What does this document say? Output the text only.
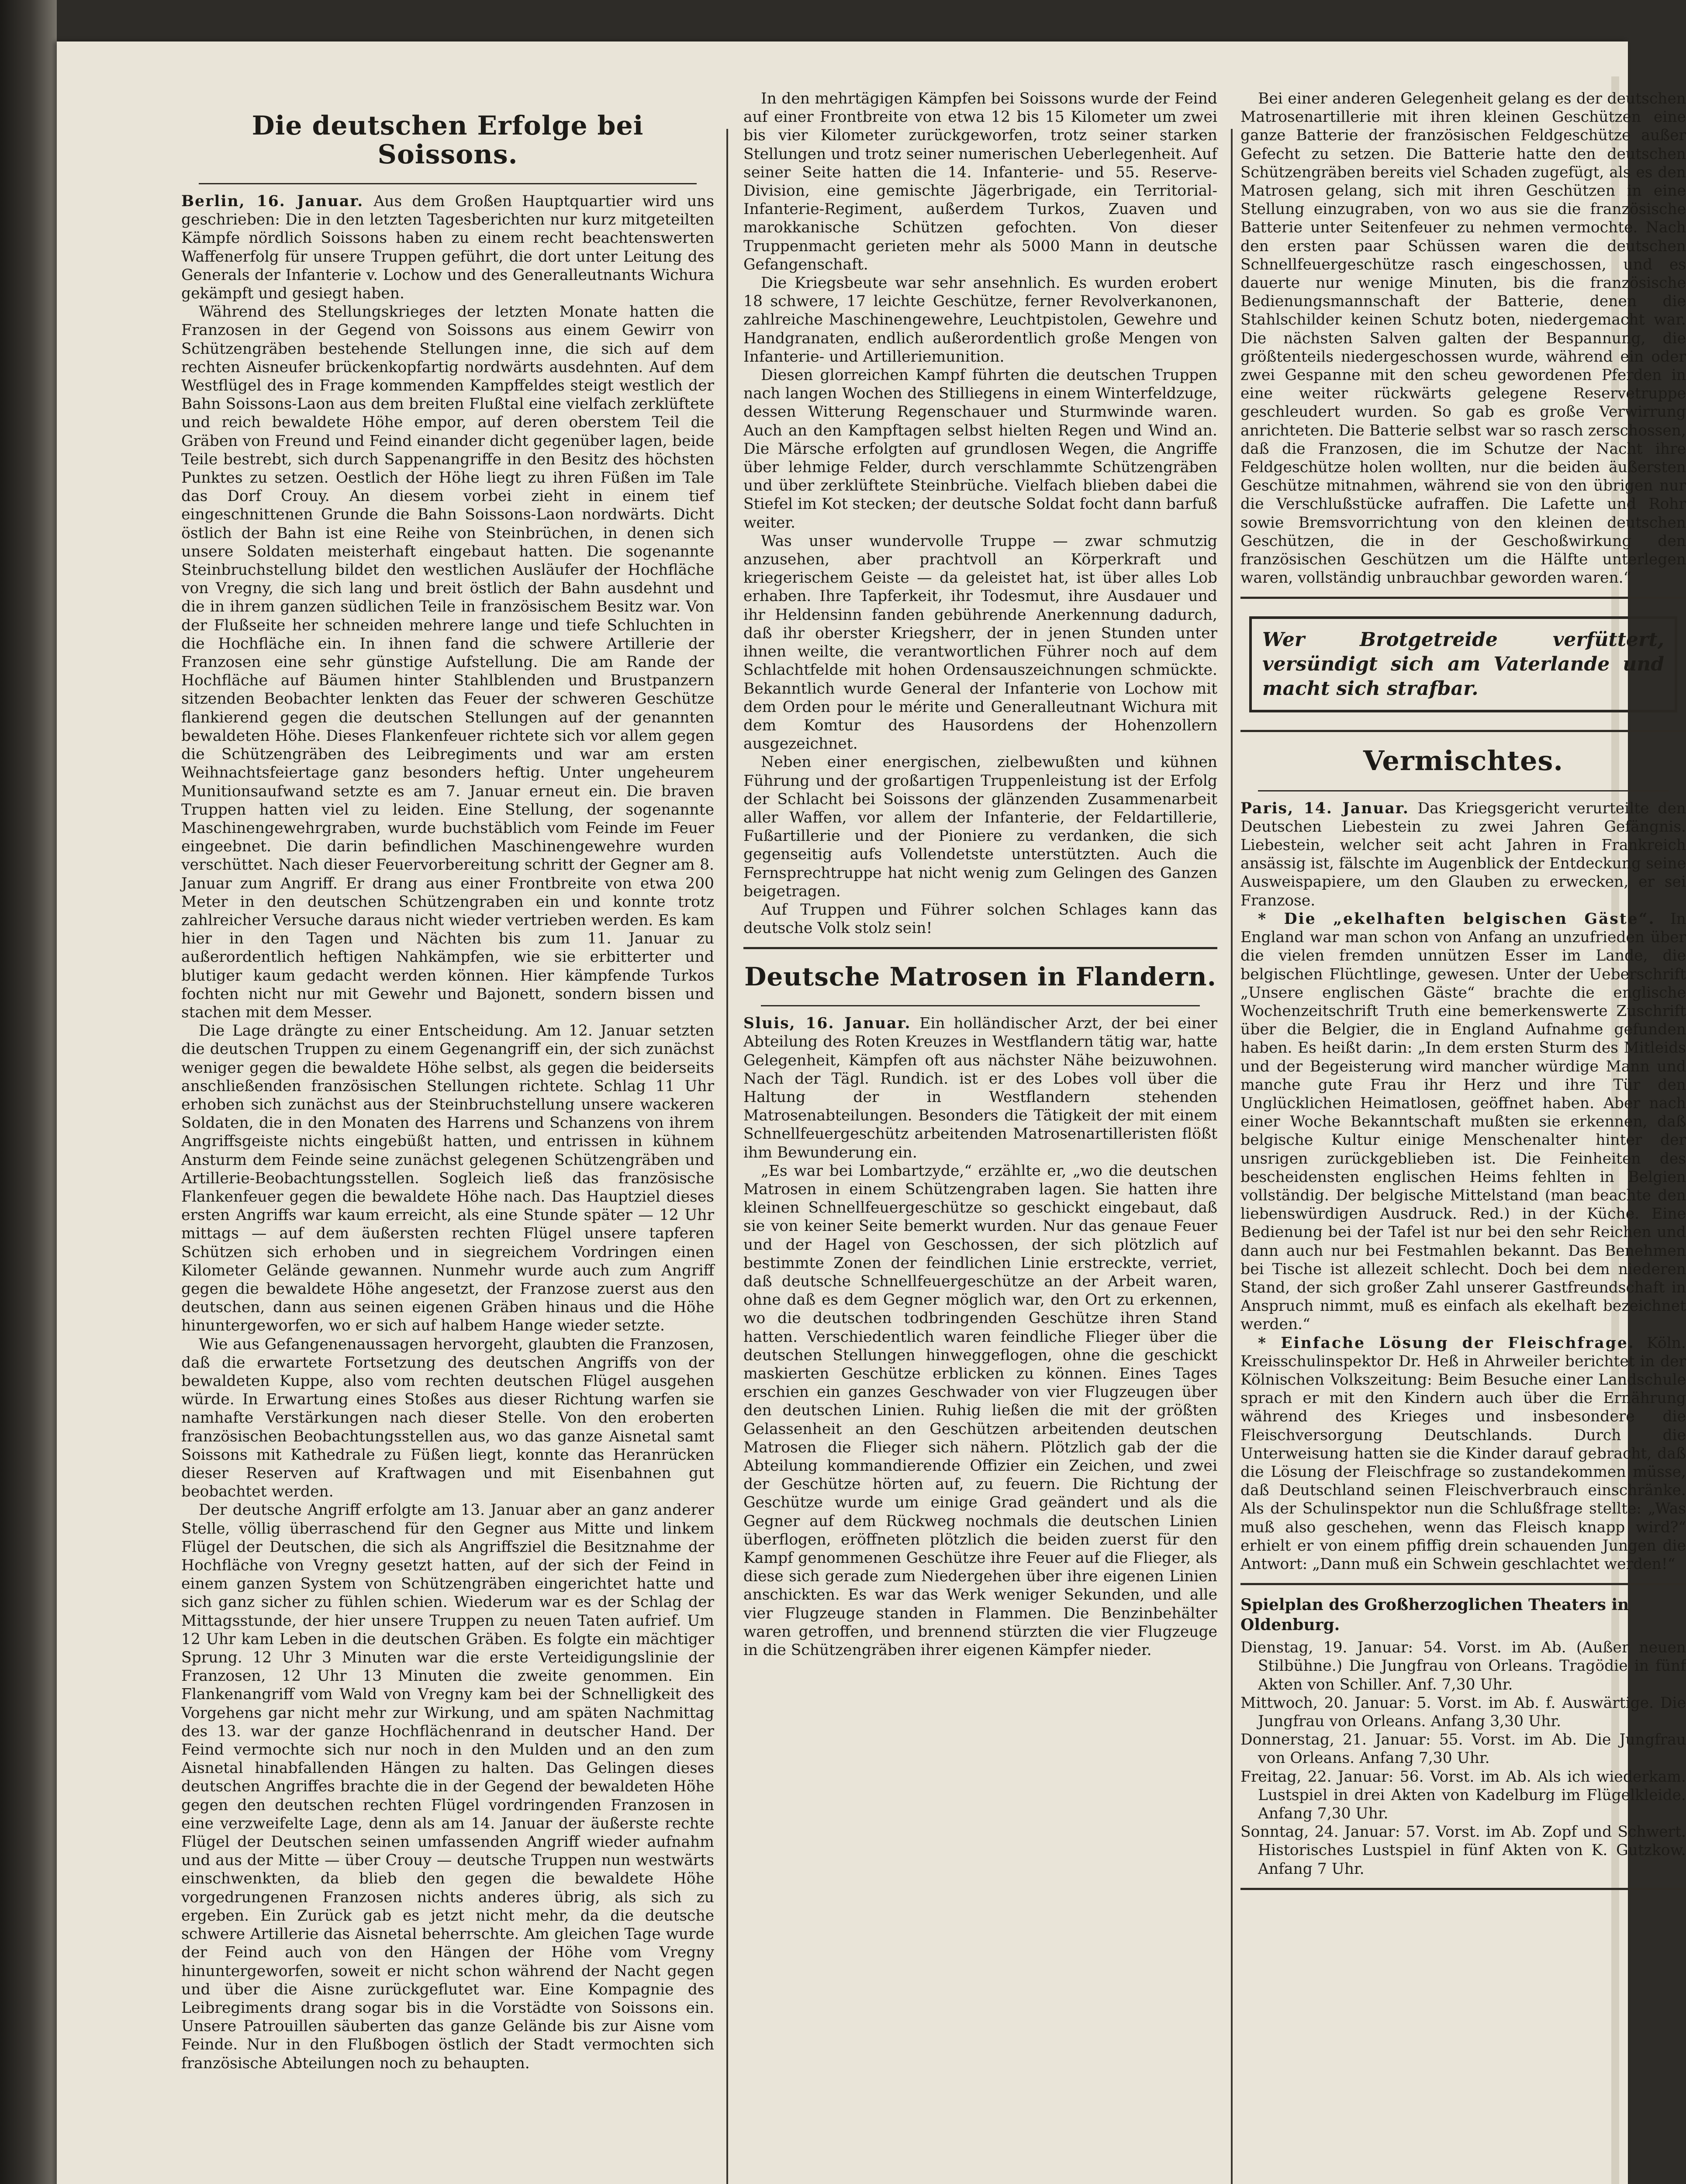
Die deutschen Erfolge bei Soissons.

Berlin, 16. Januar. Aus dem Großen Hauptquartier wird uns geschrieben: Die in den letzten Tagesberichten nur kurz mitgeteilten Kämpfe nördlich Soissons haben zu einem recht beachtenswerten Waffenerfolg für unsere Truppen geführt, die dort unter Leitung des Generals der Infanterie v. Lochow und des Generalleutnants Wichura gekämpft und gesiegt haben.

Während des Stellungskrieges der letzten Monate hatten die Franzosen in der Gegend von Soissons aus einem Gewirr von Schützengräben bestehende Stellungen inne, die sich auf dem rechten Aisneufer brückenkopfartig nordwärts ausdehnten. Auf dem Westflügel des in Frage kommenden Kampffeldes steigt westlich der Bahn Soissons-Laon aus dem breiten Flußtal eine vielfach zerklüftete und reich bewaldete Höhe empor, auf deren oberstem Teil die Gräben von Freund und Feind einander dicht gegenüber lagen, beide Teile bestrebt, sich durch Sappenangriffe in den Besitz des höchsten Punktes zu setzen. Oestlich der Höhe liegt zu ihren Füßen im Tale das Dorf Crouy. An diesem vorbei zieht in einem tief eingeschnittenen Grunde die Bahn Soissons-Laon nordwärts. Dicht östlich der Bahn ist eine Reihe von Steinbrüchen, in denen sich unsere Soldaten meisterhaft eingebaut hatten. Die sogenannte Steinbruchstellung bildet den westlichen Ausläufer der Hochfläche von Vregny, die sich lang und breit östlich der Bahn ausdehnt und die in ihrem ganzen südlichen Teile in französischem Besitz war. Von der Flußseite her schneiden mehrere lange und tiefe Schluchten in die Hochfläche ein. In ihnen fand die schwere Artillerie der Franzosen eine sehr günstige Aufstellung. Die am Rande der Hochfläche auf Bäumen hinter Stahlblenden und Brustpanzern sitzenden Beobachter lenkten das Feuer der schweren Geschütze flankierend gegen die deutschen Stellungen auf der genannten bewaldeten Höhe. Dieses Flankenfeuer richtete sich vor allem gegen die Schützengräben des Leibregiments und war am ersten Weihnachtsfeiertage ganz besonders heftig. Unter ungeheurem Munitionsaufwand setzte es am 7. Januar erneut ein. Die braven Truppen hatten viel zu leiden. Eine Stellung, der sogenannte Maschinengewehrgraben, wurde buchstäblich vom Feinde im Feuer eingeebnet. Die darin befindlichen Maschinengewehre wurden verschüttet. Nach dieser Feuervorbereitung schritt der Gegner am 8. Januar zum Angriff. Er drang aus einer Frontbreite von etwa 200 Meter in den deutschen Schützengraben ein und konnte trotz zahlreicher Versuche daraus nicht wieder vertrieben werden. Es kam hier in den Tagen und Nächten bis zum 11. Januar zu außerordentlich heftigen Nahkämpfen, wie sie erbitterter und blutiger kaum gedacht werden können. Hier kämpfende Turkos fochten nicht nur mit Gewehr und Bajonett, sondern bissen und stachen mit dem Messer.

Die Lage drängte zu einer Entscheidung. Am 12. Januar setzten die deutschen Truppen zu einem Gegenangriff ein, der sich zunächst weniger gegen die bewaldete Höhe selbst, als gegen die beiderseits anschließenden französischen Stellungen richtete. Schlag 11 Uhr erhoben sich zunächst aus der Steinbruchstellung unsere wackeren Soldaten, die in den Monaten des Harrens und Schanzens von ihrem Angriffsgeiste nichts eingebüßt hatten, und entrissen in kühnem Ansturm dem Feinde seine zunächst gelegenen Schützengräben und Artillerie-Beobachtungsstellen. Sogleich ließ das französische Flankenfeuer gegen die bewaldete Höhe nach. Das Hauptziel dieses ersten Angriffs war kaum erreicht, als eine Stunde später — 12 Uhr mittags — auf dem äußersten rechten Flügel unsere tapferen Schützen sich erhoben und in siegreichem Vordringen einen Kilometer Gelände gewannen. Nunmehr wurde auch zum Angriff gegen die bewaldete Höhe angesetzt, der Franzose zuerst aus den deutschen, dann aus seinen eigenen Gräben hinaus und die Höhe hinuntergeworfen, wo er sich auf halbem Hange wieder setzte.

Wie aus Gefangenenaussagen hervorgeht, glaubten die Franzosen, daß die erwartete Fortsetzung des deutschen Angriffs von der bewaldeten Kuppe, also vom rechten deutschen Flügel ausgehen würde. In Erwartung eines Stoßes aus dieser Richtung warfen sie namhafte Verstärkungen nach dieser Stelle. Von den eroberten französischen Beobachtungsstellen aus, wo das ganze Aisnetal samt Soissons mit Kathedrale zu Füßen liegt, konnte das Heranrücken dieser Reserven auf Kraftwagen und mit Eisenbahnen gut beobachtet werden.

Der deutsche Angriff erfolgte am 13. Januar aber an ganz anderer Stelle, völlig überraschend für den Gegner aus Mitte und linkem Flügel der Deutschen, die sich als Angriffsziel die Besitznahme der Hochfläche von Vregny gesetzt hatten, auf der sich der Feind in einem ganzen System von Schützengräben eingerichtet hatte und sich ganz sicher zu fühlen schien. Wiederum war es der Schlag der Mittagsstunde, der hier unsere Truppen zu neuen Taten aufrief. Um 12 Uhr kam Leben in die deutschen Gräben. Es folgte ein mächtiger Sprung. 12 Uhr 3 Minuten war die erste Verteidigungslinie der Franzosen, 12 Uhr 13 Minuten die zweite genommen. Ein Flankenangriff vom Wald von Vregny kam bei der Schnelligkeit des Vorgehens gar nicht mehr zur Wirkung, und am späten Nachmittag des 13. war der ganze Hochflächenrand in deutscher Hand. Der Feind vermochte sich nur noch in den Mulden und an den zum Aisnetal hinabfallenden Hängen zu halten. Das Gelingen dieses deutschen Angriffes brachte die in der Gegend der bewaldeten Höhe gegen den deutschen rechten Flügel vordringenden Franzosen in eine verzweifelte Lage, denn als am 14. Januar der äußerste rechte Flügel der Deutschen seinen umfassenden Angriff wieder aufnahm und aus der Mitte — über Crouy — deutsche Truppen nun westwärts einschwenkten, da blieb den gegen die bewaldete Höhe vorgedrungenen Franzosen nichts anderes übrig, als sich zu ergeben. Ein Zurück gab es jetzt nicht mehr, da die deutsche schwere Artillerie das Aisnetal beherrschte. Am gleichen Tage wurde der Feind auch von den Hängen der Höhe vom Vregny hinuntergeworfen, soweit er nicht schon während der Nacht gegen und über die Aisne zurückgeflutet war. Eine Kompagnie des Leibregiments drang sogar bis in die Vorstädte von Soissons ein. Unsere Patrouillen säuberten das ganze Gelände bis zur Aisne vom Feinde. Nur in den Flußbogen östlich der Stadt vermochten sich französische Abteilungen noch zu behaupten.

In den mehrtägigen Kämpfen bei Soissons wurde der Feind auf einer Frontbreite von etwa 12 bis 15 Kilometer um zwei bis vier Kilometer zurückgeworfen, trotz seiner starken Stellungen und trotz seiner numerischen Ueberlegenheit. Auf seiner Seite hatten die 14. Infanterie- und 55. Reserve-Division, eine gemischte Jägerbrigade, ein Territorial-Infanterie-Regiment, außerdem Turkos, Zuaven und marokkanische Schützen gefochten. Von dieser Truppenmacht gerieten mehr als 5000 Mann in deutsche Gefangenschaft.

Die Kriegsbeute war sehr ansehnlich. Es wurden erobert 18 schwere, 17 leichte Geschütze, ferner Revolverkanonen, zahlreiche Maschinengewehre, Leuchtpistolen, Gewehre und Handgranaten, endlich außerordentlich große Mengen von Infanterie- und Artilleriemunition.

Diesen glorreichen Kampf führten die deutschen Truppen nach langen Wochen des Stilliegens in einem Winterfeldzuge, dessen Witterung Regenschauer und Sturmwinde waren. Auch an den Kampftagen selbst hielten Regen und Wind an. Die Märsche erfolgten auf grundlosen Wegen, die Angriffe über lehmige Felder, durch verschlammte Schützengräben und über zerklüftete Steinbrüche. Vielfach blieben dabei die Stiefel im Kot stecken; der deutsche Soldat focht dann barfuß weiter.

Was unser wundervolle Truppe — zwar schmutzig anzusehen, aber prachtvoll an Körperkraft und kriegerischem Geiste — da geleistet hat, ist über alles Lob erhaben. Ihre Tapferkeit, ihr Todesmut, ihre Ausdauer und ihr Heldensinn fanden gebührende Anerkennung dadurch, daß ihr oberster Kriegsherr, der in jenen Stunden unter ihnen weilte, die verantwortlichen Führer noch auf dem Schlachtfelde mit hohen Ordensauszeichnungen schmückte. Bekanntlich wurde General der Infanterie von Lochow mit dem Orden pour le mérite und Generalleutnant Wichura mit dem Komtur des Hausordens der Hohenzollern ausgezeichnet.

Neben einer energischen, zielbewußten und kühnen Führung und der großartigen Truppenleistung ist der Erfolg der Schlacht bei Soissons der glänzenden Zusammenarbeit aller Waffen, vor allem der Infanterie, der Feldartillerie, Fußartillerie und der Pioniere zu verdanken, die sich gegenseitig aufs Vollendetste unterstützten. Auch die Fernsprechtruppe hat nicht wenig zum Gelingen des Ganzen beigetragen.

Auf Truppen und Führer solchen Schlages kann das deutsche Volk stolz sein!

Deutsche Matrosen in Flandern.

Sluis, 16. Januar. Ein holländischer Arzt, der bei einer Abteilung des Roten Kreuzes in Westflandern tätig war, hatte Gelegenheit, Kämpfen oft aus nächster Nähe beizuwohnen. Nach der Tägl. Rundich. ist er des Lobes voll über die Haltung der in Westflandern stehenden Matrosenabteilungen. Besonders die Tätigkeit der mit einem Schnellfeuergeschütz arbeitenden Matrosenartilleristen flößt ihm Bewunderung ein.

„Es war bei Lombartzyde,“ erzählte er, „wo die deutschen Matrosen in einem Schützengraben lagen. Sie hatten ihre kleinen Schnellfeuergeschütze so geschickt eingebaut, daß sie von keiner Seite bemerkt wurden. Nur das genaue Feuer und der Hagel von Geschossen, der sich plötzlich auf bestimmte Zonen der feindlichen Linie erstreckte, verriet, daß deutsche Schnellfeuergeschütze an der Arbeit waren, ohne daß es dem Gegner möglich war, den Ort zu erkennen, wo die deutschen todbringenden Geschütze ihren Stand hatten. Verschiedentlich waren feindliche Flieger über die deutschen Stellungen hinweggeflogen, ohne die geschickt maskierten Geschütze erblicken zu können. Eines Tages erschien ein ganzes Geschwader von vier Flugzeugen über den deutschen Linien. Ruhig ließen die mit der größten Gelassenheit an den Geschützen arbeitenden deutschen Matrosen die Flieger sich nähern. Plötzlich gab der die Abteilung kommandierende Offizier ein Zeichen, und zwei der Geschütze hörten auf, zu feuern. Die Richtung der Geschütze wurde um einige Grad geändert und als die Gegner auf dem Rückweg nochmals die deutschen Linien überflogen, eröffneten plötzlich die beiden zuerst für den Kampf genommenen Geschütze ihre Feuer auf die Flieger, als diese sich gerade zum Niedergehen über ihre eigenen Linien anschickten. Es war das Werk weniger Sekunden, und alle vier Flugzeuge standen in Flammen. Die Benzinbehälter waren getroffen, und brennend stürzten die vier Flugzeuge in die Schützengräben ihrer eigenen Kämpfer nieder.

Bei einer anderen Gelegenheit gelang es der deutschen Matrosenartillerie mit ihren kleinen Geschützen eine ganze Batterie der französischen Feldgeschütze außer Gefecht zu setzen. Die Batterie hatte den deutschen Schützengräben bereits viel Schaden zugefügt, als es den Matrosen gelang, sich mit ihren Geschützen in eine Stellung einzugraben, von wo aus sie die französische Batterie unter Seitenfeuer zu nehmen vermochte. Nach den ersten paar Schüssen waren die deutschen Schnellfeuergeschütze rasch eingeschossen, und es dauerte nur wenige Minuten, bis die französische Bedienungsmannschaft der Batterie, denen die Stahlschilder keinen Schutz boten, niedergemacht war. Die nächsten Salven galten der Bespannung, die größtenteils niedergeschossen wurde, während ein oder zwei Gespanne mit den scheu gewordenen Pferden in eine weiter rückwärts gelegene Reservetruppe geschleudert wurden. So gab es große Verwirrung anrichteten. Die Batterie selbst war so rasch zerschossen, daß die Franzosen, die im Schutze der Nacht ihre Feldgeschütze holen wollten, nur die beiden äußersten Geschütze mitnahmen, während sie von den übrigen nur die Verschlußstücke aufraffen. Die Lafette und Rohr sowie Bremsvorrichtung von den kleinen deutschen Geschützen, die in der Geschoßwirkung den französischen Geschützen um die Hälfte unterlegen waren, vollständig unbrauchbar geworden waren.“

Wer Brotgetreide verfüttert, versündigt sich am Vaterlande und macht sich strafbar.
Vermischtes.

Paris, 14. Januar. Das Kriegsgericht verurteilte den Deutschen Liebestein zu zwei Jahren Gefängnis. Liebestein, welcher seit acht Jahren in Frankreich ansässig ist, fälschte im Augenblick der Entdeckung seine Ausweispapiere, um den Glauben zu erwecken, er sei Franzose.

* Die „ekelhaften belgischen Gäste“. In England war man schon von Anfang an unzufrieden über die vielen fremden unnützen Esser im Lande, die belgischen Flüchtlinge, gewesen. Unter der Ueberschrift „Unsere englischen Gäste“ brachte die englische Wochenzeitschrift Truth eine bemerkenswerte Zuschrift über die Belgier, die in England Aufnahme gefunden haben. Es heißt darin: „In dem ersten Sturm des Mitleids und der Begeisterung wird mancher würdige Mann und manche gute Frau ihr Herz und ihre Tür den Unglücklichen Heimatlosen, geöffnet haben. Aber nach einer Woche Bekanntschaft mußten sie erkennen, daß belgische Kultur einige Menschenalter hinter der unsrigen zurückgeblieben ist. Die Feinheiten des bescheidensten englischen Heims fehlten in Belgien vollständig. Der belgische Mittelstand (man beachte den liebenswürdigen Ausdruck. Red.) in der Küche. Eine Bedienung bei der Tafel ist nur bei den sehr Reichen und dann auch nur bei Festmahlen bekannt. Das Benehmen bei Tische ist allezeit schlecht. Doch bei dem niederen Stand, der sich großer Zahl unserer Gastfreundschaft in Anspruch nimmt, muß es einfach als ekelhaft bezeichnet werden.“

* Einfache Lösung der Fleischfrage. Köln. Kreisschulinspektor Dr. Heß in Ahrweiler berichtet in der Kölnischen Volkszeitung: Beim Besuche einer Landschule sprach er mit den Kindern auch über die Ernährung während des Krieges und insbesondere die Fleischversorgung Deutschlands. Durch die Unterweisung hatten sie die Kinder darauf gebracht, daß die Lösung der Fleischfrage so zustandekommen müsse, daß Deutschland seinen Fleischverbrauch einschränke. Als der Schulinspektor nun die Schlußfrage stellte: „Was muß also geschehen, wenn das Fleisch knapp wird?“ erhielt er von einem pfiffig drein schauenden Jungen die Antwort: „Dann muß ein Schwein geschlachtet werden!“

Spielplan des Großherzoglichen Theaters in Oldenburg.

Dienstag, 19. Januar: 54. Vorst. im Ab. (Außer neuen Stilbühne.) Die Jungfrau von Orleans. Tragödie in fünf Akten von Schiller. Anf. 7,30 Uhr.

Mittwoch, 20. Januar: 5. Vorst. im Ab. f. Auswärtige. Die Jungfrau von Orleans. Anfang 3,30 Uhr.

Donnerstag, 21. Januar: 55. Vorst. im Ab. Die Jungfrau von Orleans. Anfang 7,30 Uhr.

Freitag, 22. Januar: 56. Vorst. im Ab. Als ich wiederkam. Lustspiel in drei Akten von Kadelburg im Flügelkleide. Anfang 7,30 Uhr.

Sonntag, 24. Januar: 57. Vorst. im Ab. Zopf und Schwert. Historisches Lustspiel in fünf Akten von K. Gutzkow. Anfang 7 Uhr.
